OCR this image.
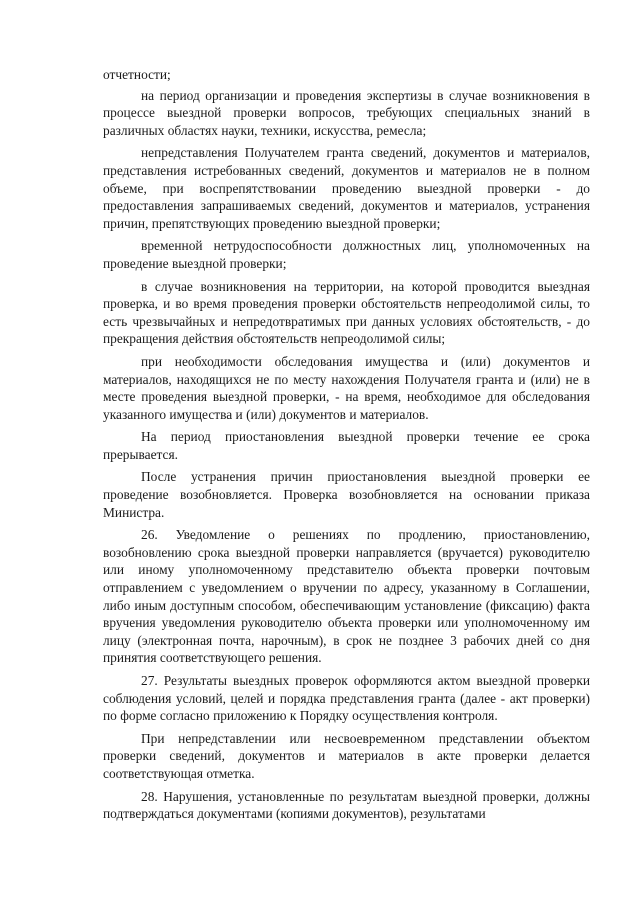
отчетности;

на период организации и проведения экспертизы в случае возникновения в процессе выездной проверки вопросов, требующих специальных знаний в различных областях науки, техники, искусства, ремесла;

непредставления Получателем гранта сведений, документов и материалов, представления истребованных сведений, документов и материалов не в полном объеме, при воспрепятствовании проведению выездной проверки - до предоставления запрашиваемых сведений, документов и материалов, устранения причин, препятствующих проведению выездной проверки;

временной нетрудоспособности должностных лиц, уполномоченных на проведение выездной проверки;

в случае возникновения на территории, на которой проводится выездная проверка, и во время проведения проверки обстоятельств непреодолимой силы, то есть чрезвычайных и непредотвратимых при данных условиях обстоятельств, - до прекращения действия обстоятельств непреодолимой силы;

при необходимости обследования имущества и (или) документов и материалов, находящихся не по месту нахождения Получателя гранта и (или) не в месте проведения выездной проверки, - на время, необходимое для обследования указанного имущества и (или) документов и материалов.

На период приостановления выездной проверки течение ее срока прерывается.

После устранения причин приостановления выездной проверки ее проведение возобновляется. Проверка возобновляется на основании приказа Министра.

26. Уведомление о решениях по продлению, приостановлению, возобновлению срока выездной проверки направляется (вручается) руководителю или иному уполномоченному представителю объекта проверки почтовым отправлением с уведомлением о вручении по адресу, указанному в Соглашении, либо иным доступным способом, обеспечивающим установление (фиксацию) факта вручения уведомления руководителю объекта проверки или уполномоченному им лицу (электронная почта, нарочным), в срок не позднее 3 рабочих дней со дня принятия соответствующего решения.

27. Результаты выездных проверок оформляются актом выездной проверки соблюдения условий, целей и порядка представления гранта (далее - акт проверки) по форме согласно приложению к Порядку осуществления контроля.

При непредставлении или несвоевременном представлении объектом проверки сведений, документов и материалов в акте проверки делается соответствующая отметка.

28. Нарушения, установленные по результатам выездной проверки, должны подтверждаться документами (копиями документов), результатами
